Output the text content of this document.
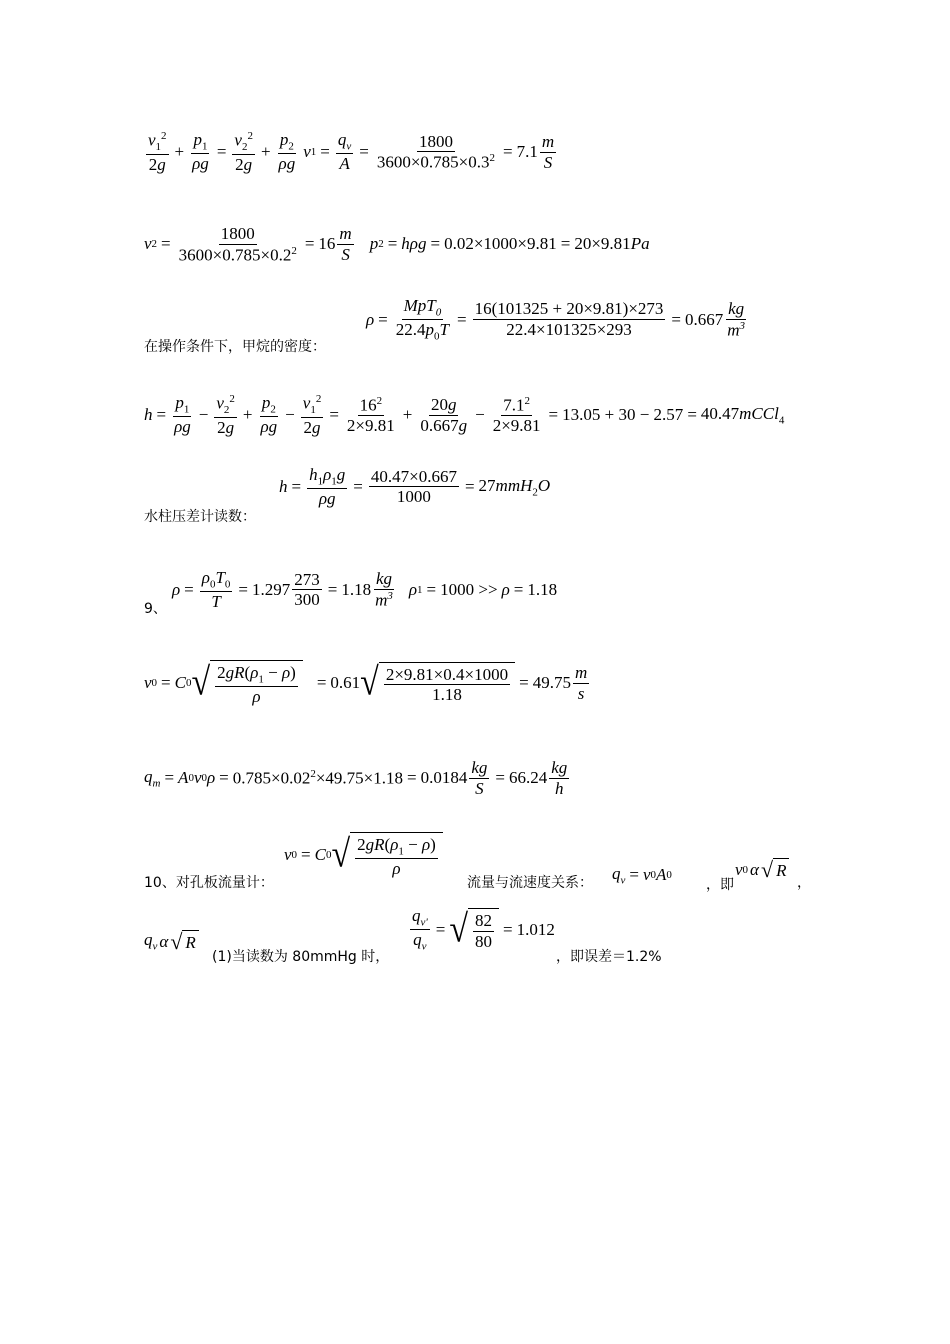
$\frac{v_1^2}{2g} + \frac{p_1}{\rho g} = \frac{v_2^2}{2g} + \frac{p_2}{\rho g}$ v $1 = \frac{q_v}{A} = \frac{1800}{3600\times 0.785\times 0.3^2} = 7.1 \frac{m}{S}$
v $2 = \frac{1800}{3600\times 0.785\times 0.2^2} = 16 \frac{m}{S}$ p 2 = hρg = 0.02×1000×9.81 = 20×9.81Pa
在操作条件下，甲烷的密度：
$\rho = \frac{MpT_0}{22.4p_0T} = \frac{16(101325 + 20\times 9.81)\times 273}{22.4\times 101325\times 293} = 0.667 \frac{kg}{m^3}$
$h = \frac{p_1}{\rho g} - \frac{v_2^2}{2g} + \frac{p_2}{\rho g} - \frac{v_1^2}{2g} = \frac{16^2}{2\times 9.81} + \frac{20g}{0.667g} - \frac{7.1^2}{2\times 9.81} = 13.05 + 30 - 2.57$ = 40.47mCCl$_4$
水柱压差计读数：
$h = \frac{h_1\rho_1g}{\rho g} = \frac{40.47\times 0.667}{1000} = 27mmH_2O$
9、
$\rho = \frac{\rho_0T_0}{T} = 1.297 \frac{273}{300} = 1.18 \frac{kg}{m^3}$ ρ 1 = 1000 >> ρ = 1.18
v 0 = C 0 √ $\frac{2gR(\rho_1 - \rho)}{\rho} = 0.61$ √ $\frac{2\times 9.81\times 0.4\times 1000}{1.18} = 49.75 \frac{m}{s}$
$q_m = A$ 0 v 0 $\rho = 0.785\times 0.02^2\times 49.75\times 1.18 = 0.0184 \frac{kg}{S} = 66.24 \frac{kg}{h}$
10、对孔板流量计：
v 0 = C 0 √ $\frac{2gR(\rho_1 - \rho)}{\rho}$
流量与流速度关系： $q_v = v$ 0 A 0
，即
v 0 α √ R
，
$q_v$ α √ R
(1)当读数为 80mmHg 时，
$\frac{q_{v'}}{q_v}$ = √ $\frac{82}{80} = 1.012$
，即误差＝1.2%
